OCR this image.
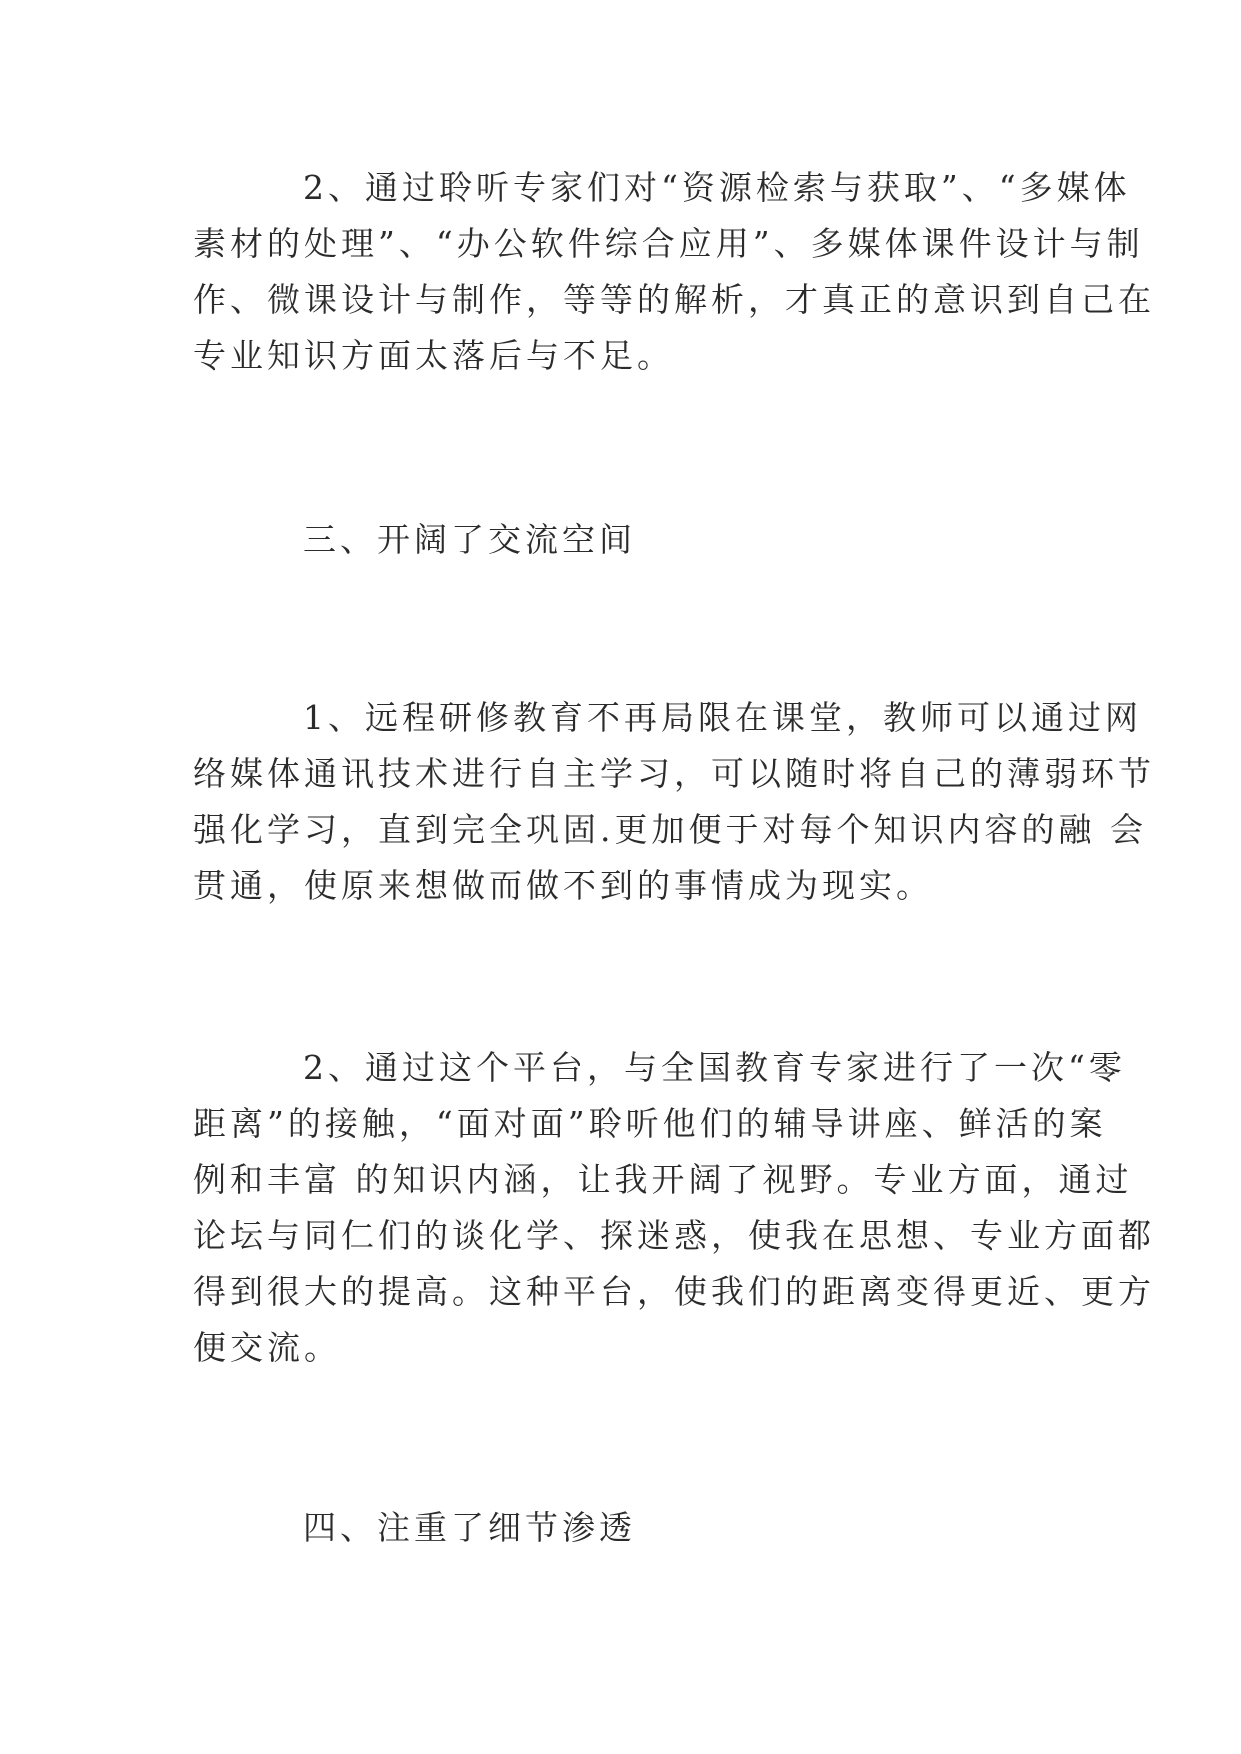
2、通过聆听专家们对“资源检索与获取”、“多媒体
素材的处理”、“办公软件综合应用”、多媒体课件设计与制
作、微课设计与制作，等等的解析，才真正的意识到自己在
专业知识方面太落后与不足。
三、开阔了交流空间
1、远程研修教育不再局限在课堂，教师可以通过网
络媒体通讯技术进行自主学习，可以随时将自己的薄弱环节
强化学习，直到完全巩固.更加便于对每个知识内容的融 会
贯通，使原来想做而做不到的事情成为现实。
2、通过这个平台，与全国教育专家进行了一次“零
距离”的接触，“面对面”聆听他们的辅导讲座、鲜活的案
例和丰富 的知识内涵，让我开阔了视野。专业方面，通过
论坛与同仁们的谈化学、探迷惑，使我在思想、专业方面都
得到很大的提高。这种平台，使我们的距离变得更近、更方
便交流。
四、注重了细节渗透
